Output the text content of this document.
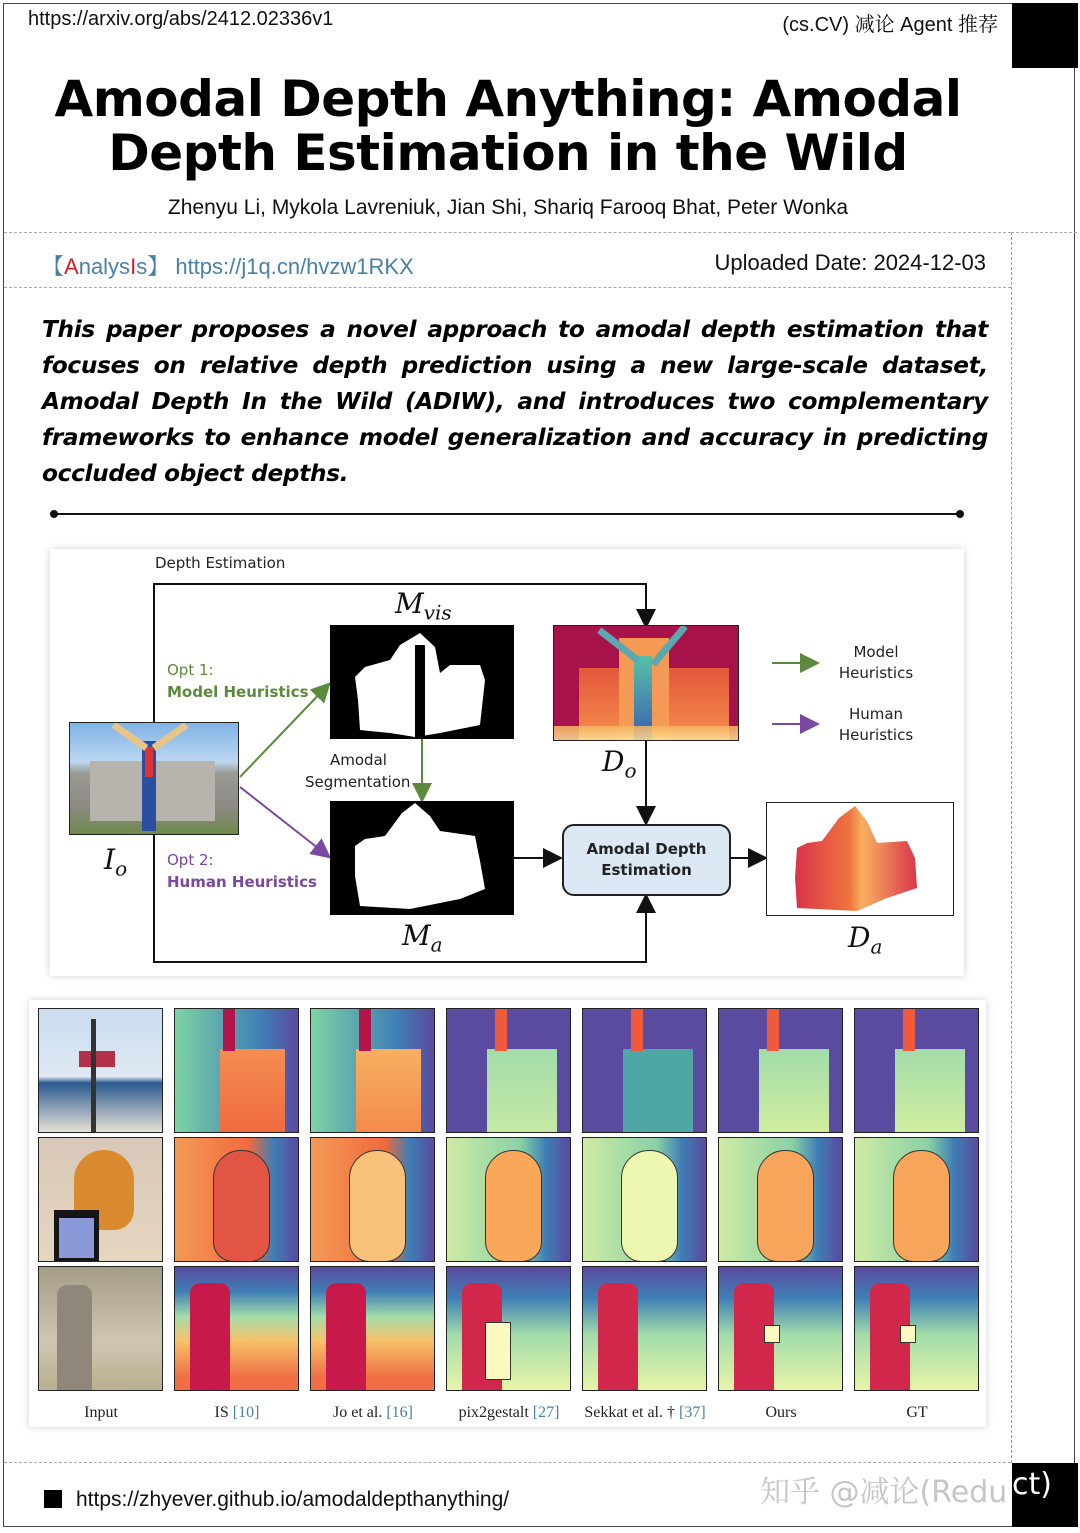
https://arxiv.org/abs/2412.02336v1	(cs.CV) 减论 Agent 推荐
Amodal Depth Anything: Amodal
Depth Estimation in the Wild
Zhenyu Li, Mykola Lavreniuk, Jian Shi, Shariq Farooq Bhat, Peter Wonka
【AnalysIs】 https://j1q.cn/hvzw1RKX	Uploaded Date: 2024-12-03
This paper proposes a novel approach to amodal depth estimation that focuses on relative depth prediction using a new large-scale dataset, Amodal Depth In the Wild (ADIW), and introduces two complementary frameworks to enhance model generalization and accuracy in predicting occluded object depths.
Depth Estimation
$I_o$
Opt 1:
Model Heuristics
Opt 2:
Human Heuristics
$M_{vis}$
Amodal
Segmentation
$M_a$
$D_o$
Amodal Depth
Estimation
$D_a$
Model
Heuristics
Human
Heuristics
Input	IS [10]	Jo et al. [16]	pix2gestalt [27]	Sekkat et al. † [37]	Ours	GT
https://zhyever.github.io/amodaldepthanything/	知乎 @减论(Redu ct)
